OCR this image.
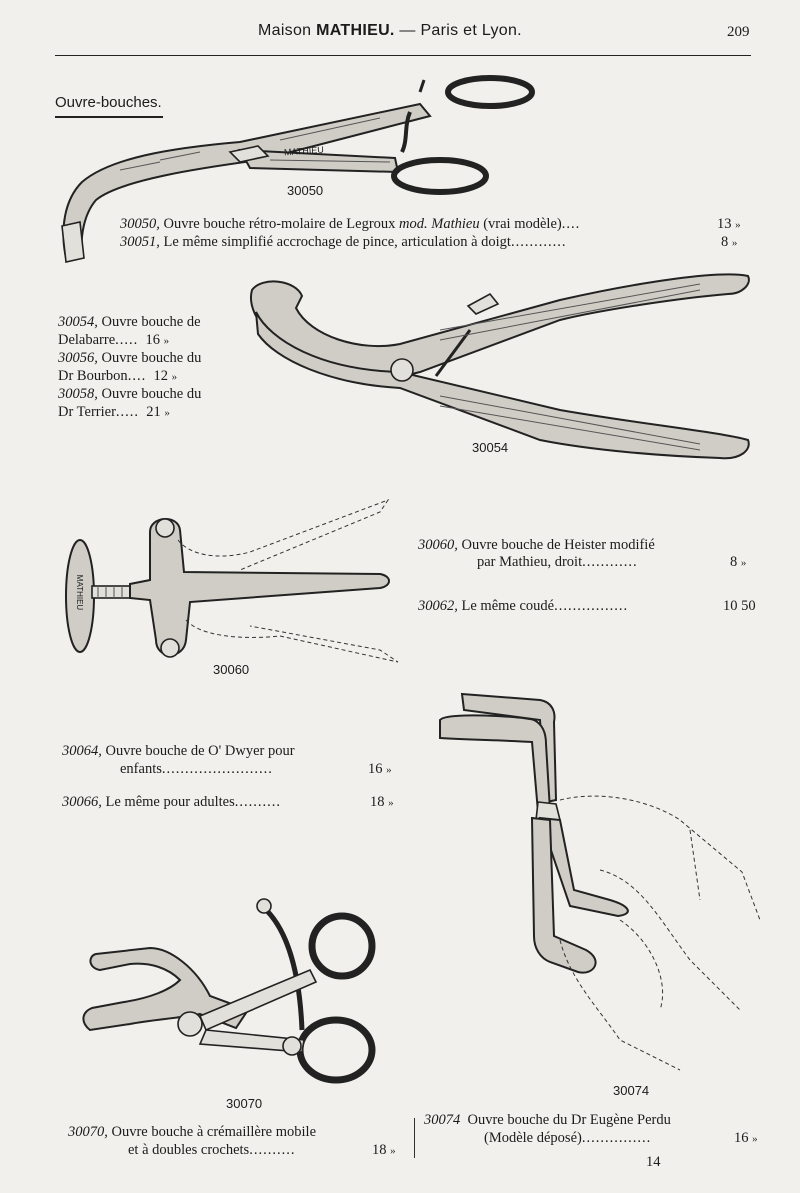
Maison MATHIEU. — Paris et Lyon.	209
Ouvre-bouches.
30050
MATHIEU
30054
30060
MATHIEU
30070
30074
30050, Ouvre bouche rétro-molaire de Legroux mod. Mathieu (vrai modèle)....	13 »
30051, Le même simplifié accrochage de pince, articulation à doigt............	8 »
30054, Ouvre bouche de
Delabarre..... 16 »
30056, Ouvre bouche du
Dr Bourbon.... 12 »
30058, Ouvre bouche du
Dr Terrier..... 21 »
30060, Ouvre bouche de Heister modifié
par Mathieu, droit............	8 »
30062, Le même coudé................	10 50
30064, Ouvre bouche de O' Dwyer pour
enfants........................	16 »
30066, Le même pour adultes..........	18 »
30070, Ouvre bouche à crémaillère mobile
et à doubles crochets..........	18 »
30074 Ouvre bouche du Dr Eugène Perdu
(Modèle déposé)...............	16 »
14
